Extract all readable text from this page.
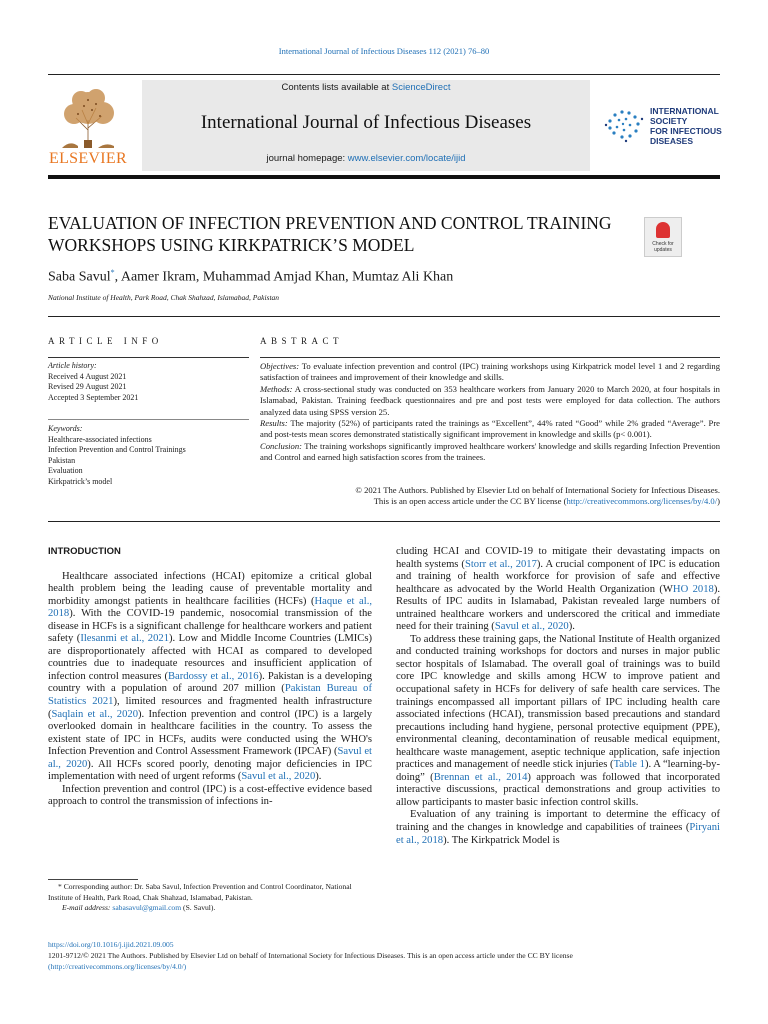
International Journal of Infectious Diseases 112 (2021) 76–80
ELSEVIER
Contents lists available at ScienceDirect
International Journal of Infectious Diseases
journal homepage: www.elsevier.com/locate/ijid
INTERNATIONAL
SOCIETY
FOR INFECTIOUS
DISEASES
EVALUATION OF INFECTION PREVENTION AND CONTROL TRAINING
WORKSHOPS USING KIRKPATRICK’S MODEL	Check for
updates
Saba Savul*, Aamer Ikram, Muhammad Amjad Khan, Mumtaz Ali Khan
National Institute of Health, Park Road, Chak Shahzad, Islamabad, Pakistan
ARTICLE INFO
Article history:
Received 4 August 2021
Revised 29 August 2021
Accepted 3 September 2021
Keywords:
Healthcare-associated infections
Infection Prevention and Control Trainings
Pakistan
Evaluation
Kirkpatrick’s model
ABSTRACT
Objectives: To evaluate infection prevention and control (IPC) training workshops using Kirkpatrick model level 1 and 2 regarding satisfaction of trainees and improvement of their knowledge and skills.
Methods: A cross-sectional study was conducted on 353 healthcare workers from January 2020 to March 2020, at four hospitals in Islamabad, Pakistan. Training feedback questionnaires and pre and post tests were employed for data collection. The authors analyzed data using SPSS version 25.
Results: The majority (52%) of participants rated the trainings as “Excellent”, 44% rated “Good” while 2% graded “Average”. Pre and post-tests mean scores demonstrated statistically significant improvement in knowledge and skills (p< 0.001).
Conclusion: The training workshops significantly improved healthcare workers' knowledge and skills regarding Infection Prevention and Control and earned high satisfaction scores from the trainees.
© 2021 The Authors. Published by Elsevier Ltd on behalf of International Society for Infectious Diseases.
This is an open access article under the CC BY license (http://creativecommons.org/licenses/by/4.0/)

INTRODUCTION

Healthcare associated infections (HCAI) epitomize a critical global health problem being the leading cause of preventable mortality and morbidity amongst patients in healthcare facilities (HCFs) (Haque et al., 2018). With the COVID-19 pandemic, nosocomial transmission of the disease in HCFs is a significant challenge for healthcare workers and patient safety (Ilesanmi et al., 2021). Low and Middle Income Countries (LMICs) are disproportionately affected with HCAI as compared to developed countries due to inadequate resources and insufficient application of infection control measures (Bardossy et al., 2016). Pakistan is a developing country with a population of around 207 million (Pakistan Bureau of Statistics 2021), limited resources and fragmented health infrastructure (Saqlain et al., 2020). Infection prevention and control (IPC) is a largely overlooked domain in healthcare facilities in the country. To assess the existent state of IPC in HCFs, audits were conducted using the WHO's Infection Prevention and Control Assessment Framework (IPCAF) (Savul et al., 2020). All HCFs scored poorly, denoting major deficiencies in IPC implementation with need of urgent reforms (Savul et al., 2020).

Infection prevention and control (IPC) is a cost-effective evidence based approach to control the transmission of infections in-

cluding HCAI and COVID-19 to mitigate their devastating impacts on health systems (Storr et al., 2017). A crucial component of IPC is education and training of health workforce for provision of safe and effective healthcare as advocated by the World Health Organization (WHO 2018). Results of IPC audits in Islamabad, Pakistan revealed large numbers of untrained healthcare workers and underscored the critical and immediate need for their training (Savul et al., 2020).

To address these training gaps, the National Institute of Health organized and conducted training workshops for doctors and nurses in major public sector hospitals of Islamabad. The overall goal of trainings was to build core IPC knowledge and skills among HCW to improve patient and occupational safety in HCFs for delivery of safe health care services. The trainings encompassed all important pillars of IPC including health care associated infections (HCAI), transmission based precautions and standard precautions including hand hygiene, personal protective equipment (PPE), environmental cleaning, decontamination of reusable medical equipment, healthcare waste management, aseptic technique application, safe injection practices and management of needle stick injuries (Table 1). A “learning-by-doing” (Brennan et al., 2014) approach was followed that incorporated interactive discussions, practical demonstrations and group activities to allow participants to master basic infection control skills.

Evaluation of any training is important to determine the efficacy of training and the changes in knowledge and capabilities of trainees (Piryani et al., 2018). The Kirkpatrick Model is

* Corresponding author: Dr. Saba Savul, Infection Prevention and Control Coordinator, National Institute of Health, Park Road, Chak Shahzad, Islamabad, Pakistan.
E-mail address: sabasavul@gmail.com (S. Savul).
https://doi.org/10.1016/j.ijid.2021.09.005
1201-9712/© 2021 The Authors. Published by Elsevier Ltd on behalf of International Society for Infectious Diseases. This is an open access article under the CC BY license
(http://creativecommons.org/licenses/by/4.0/)
